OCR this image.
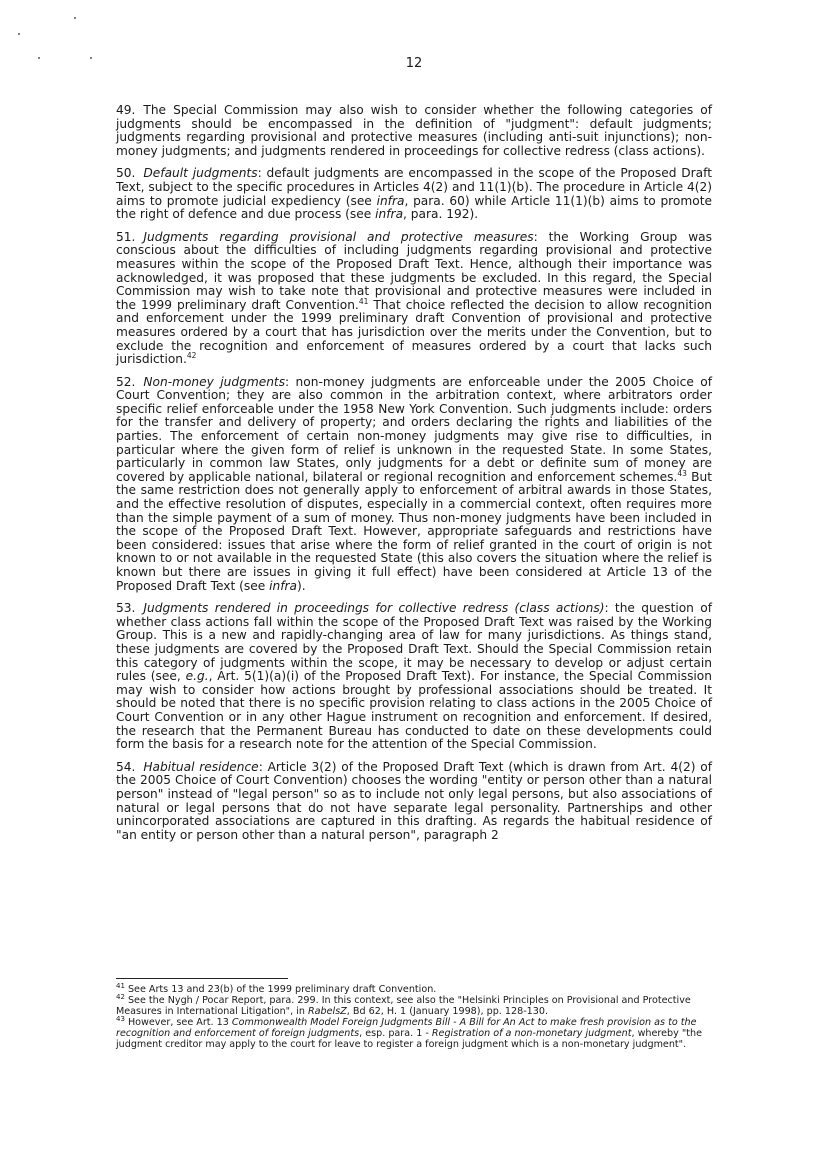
12

49. The Special Commission may also wish to consider whether the following categories of judgments should be encompassed in the definition of "judgment": default judgments; judgments regarding provisional and protective measures (including anti-suit injunctions); non-money judgments; and judgments rendered in proceedings for collective redress (class actions).

50. Default judgments: default judgments are encompassed in the scope of the Proposed Draft Text, subject to the specific procedures in Articles 4(2) and 11(1)(b). The procedure in Article 4(2) aims to promote judicial expediency (see infra, para. 60) while Article 11(1)(b) aims to promote the right of defence and due process (see infra, para. 192).

51. Judgments regarding provisional and protective measures: the Working Group was conscious about the difficulties of including judgments regarding provisional and protective measures within the scope of the Proposed Draft Text. Hence, although their importance was acknowledged, it was proposed that these judgments be excluded. In this regard, the Special Commission may wish to take note that provisional and protective measures were included in the 1999 preliminary draft Convention.$^{41}$ That choice reflected the decision to allow recognition and enforcement under the 1999 preliminary draft Convention of provisional and protective measures ordered by a court that has jurisdiction over the merits under the Convention, but to exclude the recognition and enforcement of measures ordered by a court that lacks such jurisdiction.$^{42}$

52. Non-money judgments: non-money judgments are enforceable under the 2005 Choice of Court Convention; they are also common in the arbitration context, where arbitrators order specific relief enforceable under the 1958 New York Convention. Such judgments include: orders for the transfer and delivery of property; and orders declaring the rights and liabilities of the parties. The enforcement of certain non-money judgments may give rise to difficulties, in particular where the given form of relief is unknown in the requested State. In some States, particularly in common law States, only judgments for a debt or definite sum of money are covered by applicable national, bilateral or regional recognition and enforcement schemes.$^{43}$ But the same restriction does not generally apply to enforcement of arbitral awards in those States, and the effective resolution of disputes, especially in a commercial context, often requires more than the simple payment of a sum of money. Thus non-money judgments have been included in the scope of the Proposed Draft Text. However, appropriate safeguards and restrictions have been considered: issues that arise where the form of relief granted in the court of origin is not known to or not available in the requested State (this also covers the situation where the relief is known but there are issues in giving it full effect) have been considered at Article 13 of the Proposed Draft Text (see infra).

53. Judgments rendered in proceedings for collective redress (class actions): the question of whether class actions fall within the scope of the Proposed Draft Text was raised by the Working Group. This is a new and rapidly-changing area of law for many jurisdictions. As things stand, these judgments are covered by the Proposed Draft Text. Should the Special Commission retain this category of judgments within the scope, it may be necessary to develop or adjust certain rules (see, e.g., Art. 5(1)(a)(i) of the Proposed Draft Text). For instance, the Special Commission may wish to consider how actions brought by professional associations should be treated. It should be noted that there is no specific provision relating to class actions in the 2005 Choice of Court Convention or in any other Hague instrument on recognition and enforcement. If desired, the research that the Permanent Bureau has conducted to date on these developments could form the basis for a research note for the attention of the Special Commission.

54. Habitual residence: Article 3(2) of the Proposed Draft Text (which is drawn from Art. 4(2) of the 2005 Choice of Court Convention) chooses the wording "entity or person other than a natural person" instead of "legal person" so as to include not only legal persons, but also associations of natural or legal persons that do not have separate legal personality. Partnerships and other unincorporated associations are captured in this drafting. As regards the habitual residence of "an entity or person other than a natural person", paragraph 2

$^{41}$ See Arts 13 and 23(b) of the 1999 preliminary draft Convention.

$^{42}$ See the Nygh / Pocar Report, para. 299. In this context, see also the "Helsinki Principles on Provisional and Protective Measures in International Litigation", in RabelsZ, Bd 62, H. 1 (January 1998), pp. 128-130.

$^{43}$ However, see Art. 13 Commonwealth Model Foreign Judgments Bill - A Bill for An Act to make fresh provision as to the recognition and enforcement of foreign judgments, esp. para. 1 - Registration of a non-monetary judgment, whereby "the judgment creditor may apply to the court for leave to register a foreign judgment which is a non-monetary judgment".
